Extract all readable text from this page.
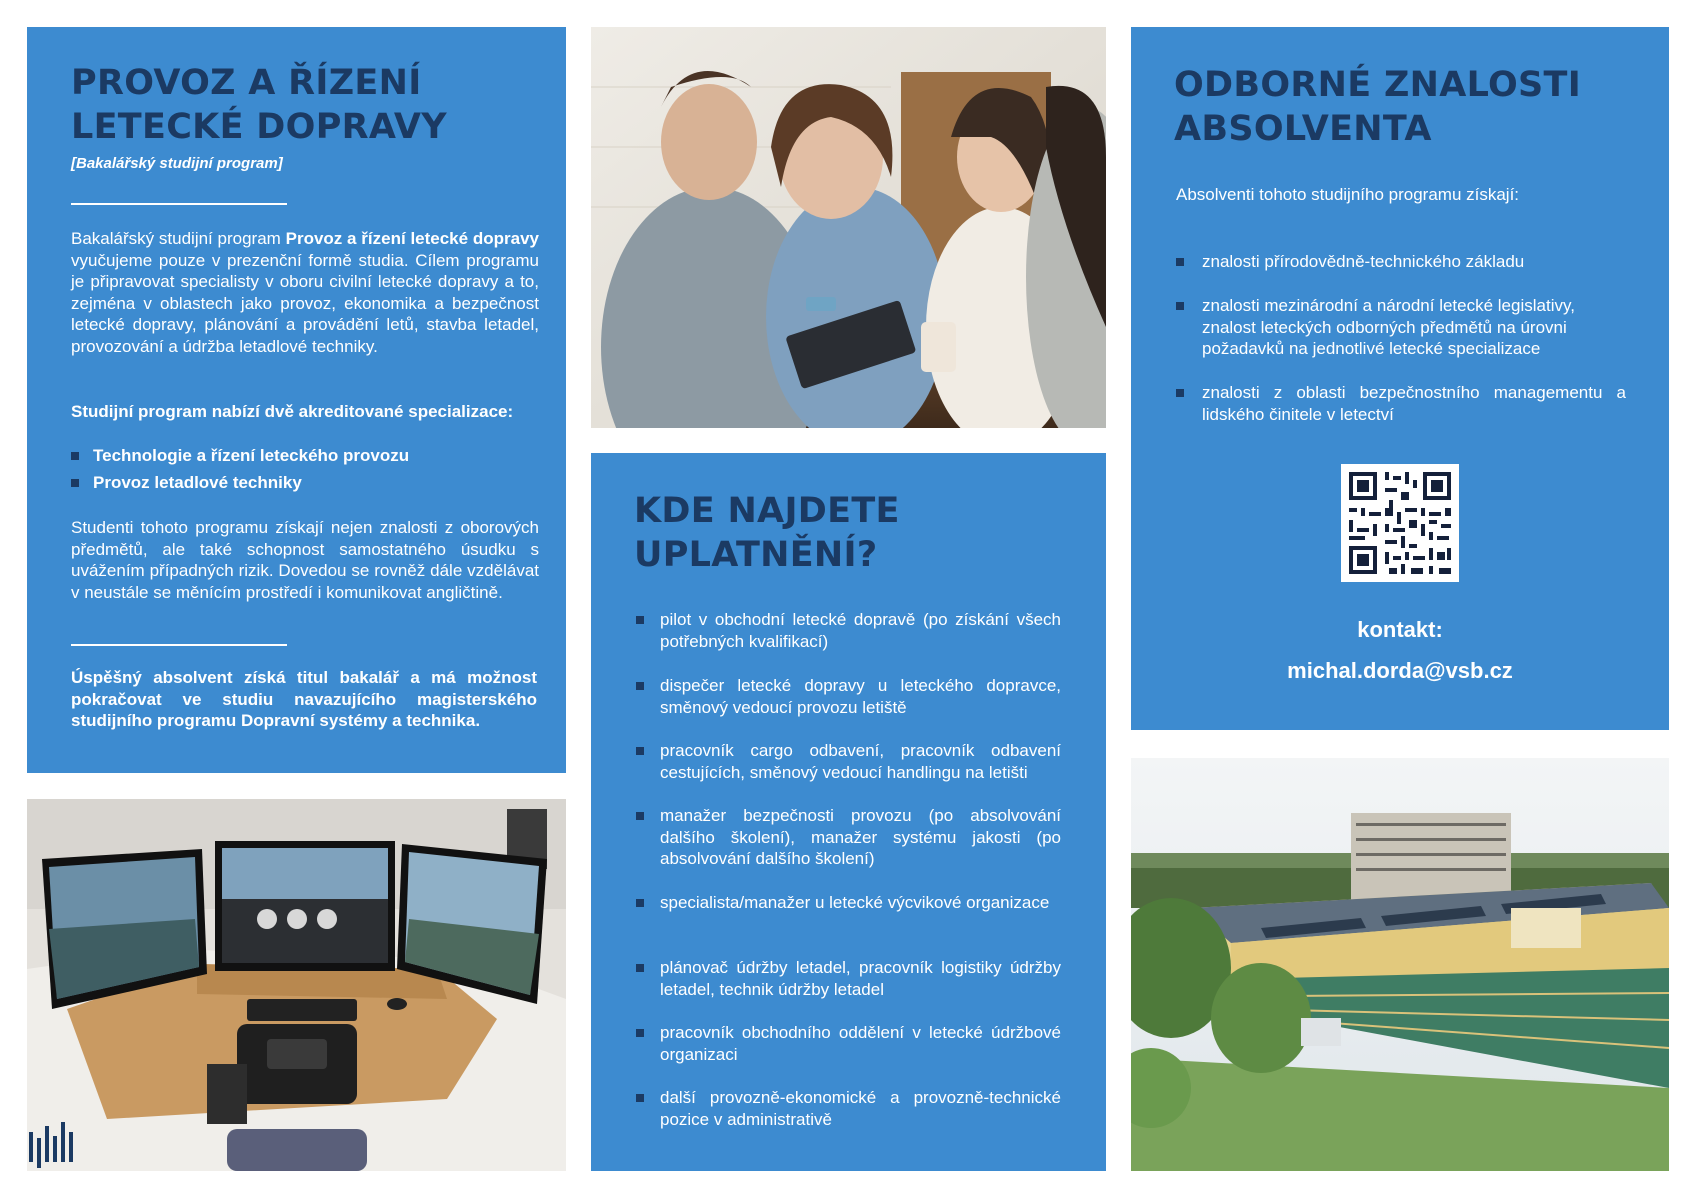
PROVOZ A ŘÍZENÍ
LETECKÉ DOPRAVY
[Bakalářský studijní program]
Bakalářský studijní program Provoz a řízení letecké dopravy vyučujeme pouze v prezenční formě studia. Cílem programu je připravovat specialisty v oboru civilní letecké dopravy a to, zejména v oblastech jako provoz, ekonomika a bezpečnost letecké dopravy, plánování a provádění letů, stavba letadel, provozování a údržba letadlové techniky.
Studijní program nabízí dvě akreditované specializace:
Technologie a řízení leteckého provozu
Provoz letadlové techniky
Studenti tohoto programu získají nejen znalosti z oborových předmětů, ale také schopnost samostatného úsudku s uvážením případných rizik. Dovedou se rovněž dále vzdělávat v neustále se měnícím prostředí i komunikovat angličtině.
Úspěšný absolvent získá titul bakalář a má možnost pokračovat ve studiu navazujícího magisterského studijního programu Dopravní systémy a technika.
KDE NAJDETE
UPLATNĚNÍ?
pilot v obchodní letecké dopravě (po získání všech potřebných kvalifikací)
dispečer letecké dopravy u leteckého dopravce, směnový vedoucí provozu letiště
pracovník cargo odbavení, pracovník odbavení cestujících, směnový vedoucí handlingu na letišti
manažer bezpečnosti provozu (po absolvování dalšího školení), manažer systému jakosti (po absolvování dalšího školení)
specialista/manažer u letecké výcvikové organizace
plánovač údržby letadel, pracovník logistiky údržby letadel, technik údržby letadel
pracovník obchodního oddělení v letecké údržbové organizaci
další provozně-ekonomické a provozně-technické pozice v administrativě
ODBORNÉ ZNALOSTI
ABSOLVENTA
Absolventi tohoto studijního programu získají:
znalosti přírodovědně-technického základu
znalosti mezinárodní a národní letecké legislativy, znalost leteckých odborných předmětů na úrovni požadavků na jednotlivé letecké specializace
znalosti z oblasti bezpečnostního managementu a lidského činitele v letectví
kontakt:
michal.dorda@vsb.cz
